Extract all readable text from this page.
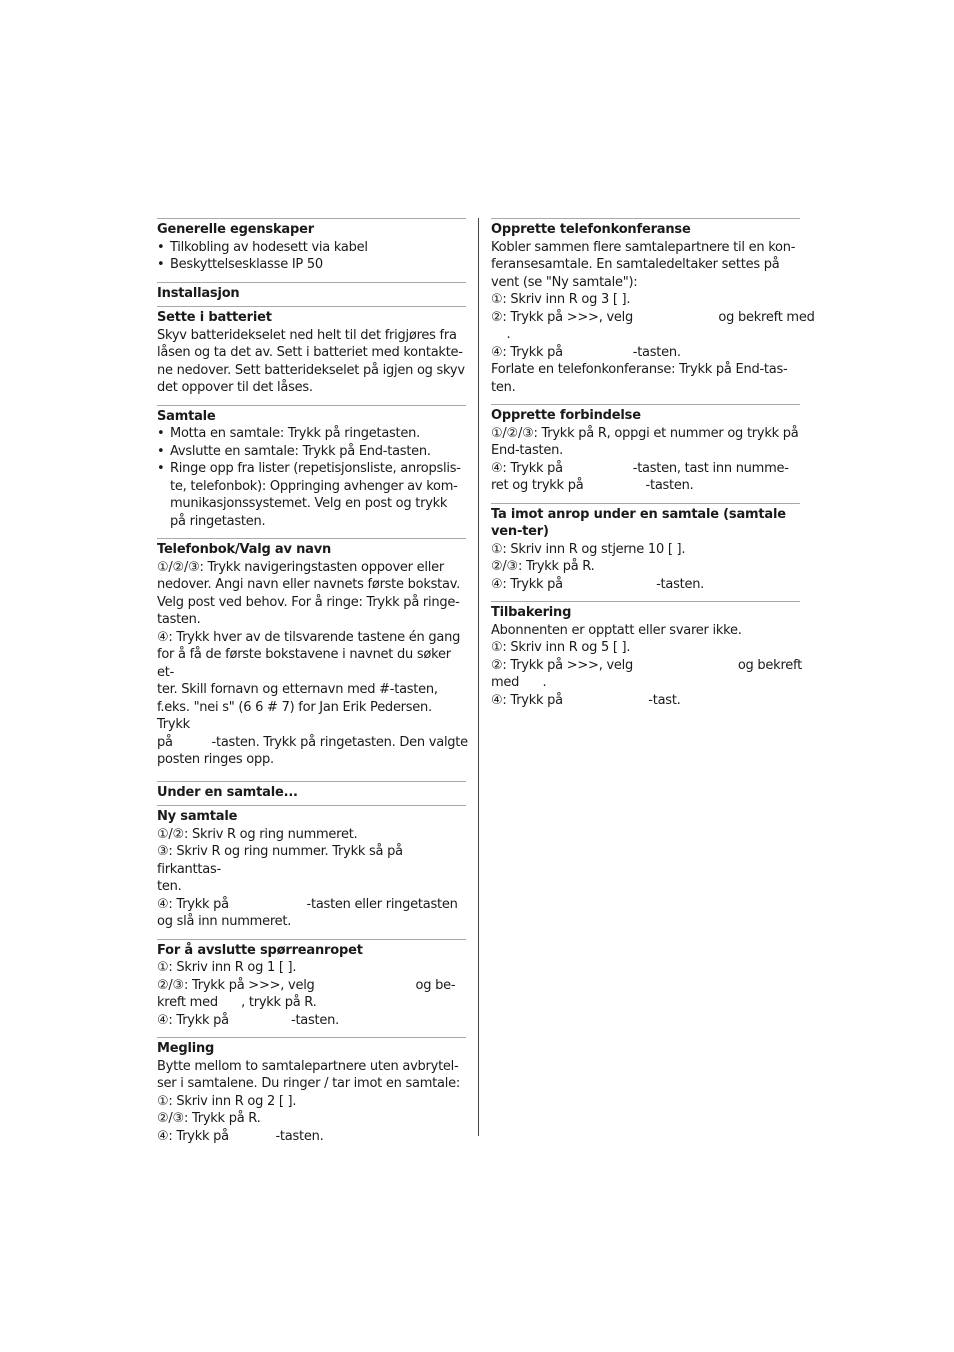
Generelle egenskaper
• Tilkobling av hodesett via kabel
• Beskyttelsesklasse IP 50
Installasjon
Sette i batteriet
Skyv batteridekselet ned helt til det frigjøres fra
låsen og ta det av. Sett i batteriet med kontakte-
ne nedover. Sett batteridekselet på igjen og skyv
det oppover til det låses.
Samtale
• Motta en samtale: Trykk på ringetasten.
• Avslutte en samtale: Trykk på End-tasten.
• Ringe opp fra lister (repetisjonsliste, anropslis-te, telefonbok): Oppringing avhenger av kom-munikasjonssystemet. Velg en post og trykk på ringetasten.
Telefonbok/Valg av navn
①/②/③: Trykk navigeringstasten oppover eller
nedover. Angi navn eller navnets første bokstav.
Velg post ved behov. For å ringe: Trykk på ringe-
tasten.
④: Trykk hver av de tilsvarende tastene én gang
for å få de første bokstavene i navnet du søker et-
ter. Skill fornavn og etternavn med #-tasten,
f.eks. "nei s" (6 6 # 7) for Jan Erik Pedersen. Trykk
på          -tasten. Trykk på ringetasten. Den valgte
posten ringes opp.
Under en samtale...
Ny samtale
①/②: Skriv R og ring nummeret.
③: Skriv R og ring nummer. Trykk så på firkanttas-
ten.
④: Trykk på                    -tasten eller ringetasten
og slå inn nummeret.
For å avslutte spørreanropet
①: Skriv inn R og 1 [ ].
②/③: Trykk på >>>, velg                          og be-
kreft med      , trykk på R.
④: Trykk på                -tasten.
Megling
Bytte mellom to samtalepartnere uten avbrytel-
ser i samtalene. Du ringer / tar imot en samtale:
①: Skriv inn R og 2 [ ].
②/③: Trykk på R.
④: Trykk på            -tasten.
Opprette telefonkonferanse
Kobler sammen flere samtalepartnere til en kon-
feransesamtale. En samtaledeltaker settes på
vent (se "Ny samtale"):
①: Skriv inn R og 3 [ ].
②: Trykk på >>>, velg                      og bekreft med
.
④: Trykk på                  -tasten.
Forlate en telefonkonferanse: Trykk på End-tas-
ten.
Opprette forbindelse
①/②/③: Trykk på R, oppgi et nummer og trykk på
End-tasten.
④: Trykk på                  -tasten, tast inn numme-
ret og trykk på                -tasten.
Ta imot anrop under en samtale (samtale ven-ter)
①: Skriv inn R og stjerne 10 [ ].
②/③: Trykk på R.
④: Trykk på                        -tasten.
Tilbakering
Abonnenten er opptatt eller svarer ikke.
①: Skriv inn R og 5 [ ].
②: Trykk på >>>, velg                           og bekreft
med      .
④: Trykk på                      -tast.
